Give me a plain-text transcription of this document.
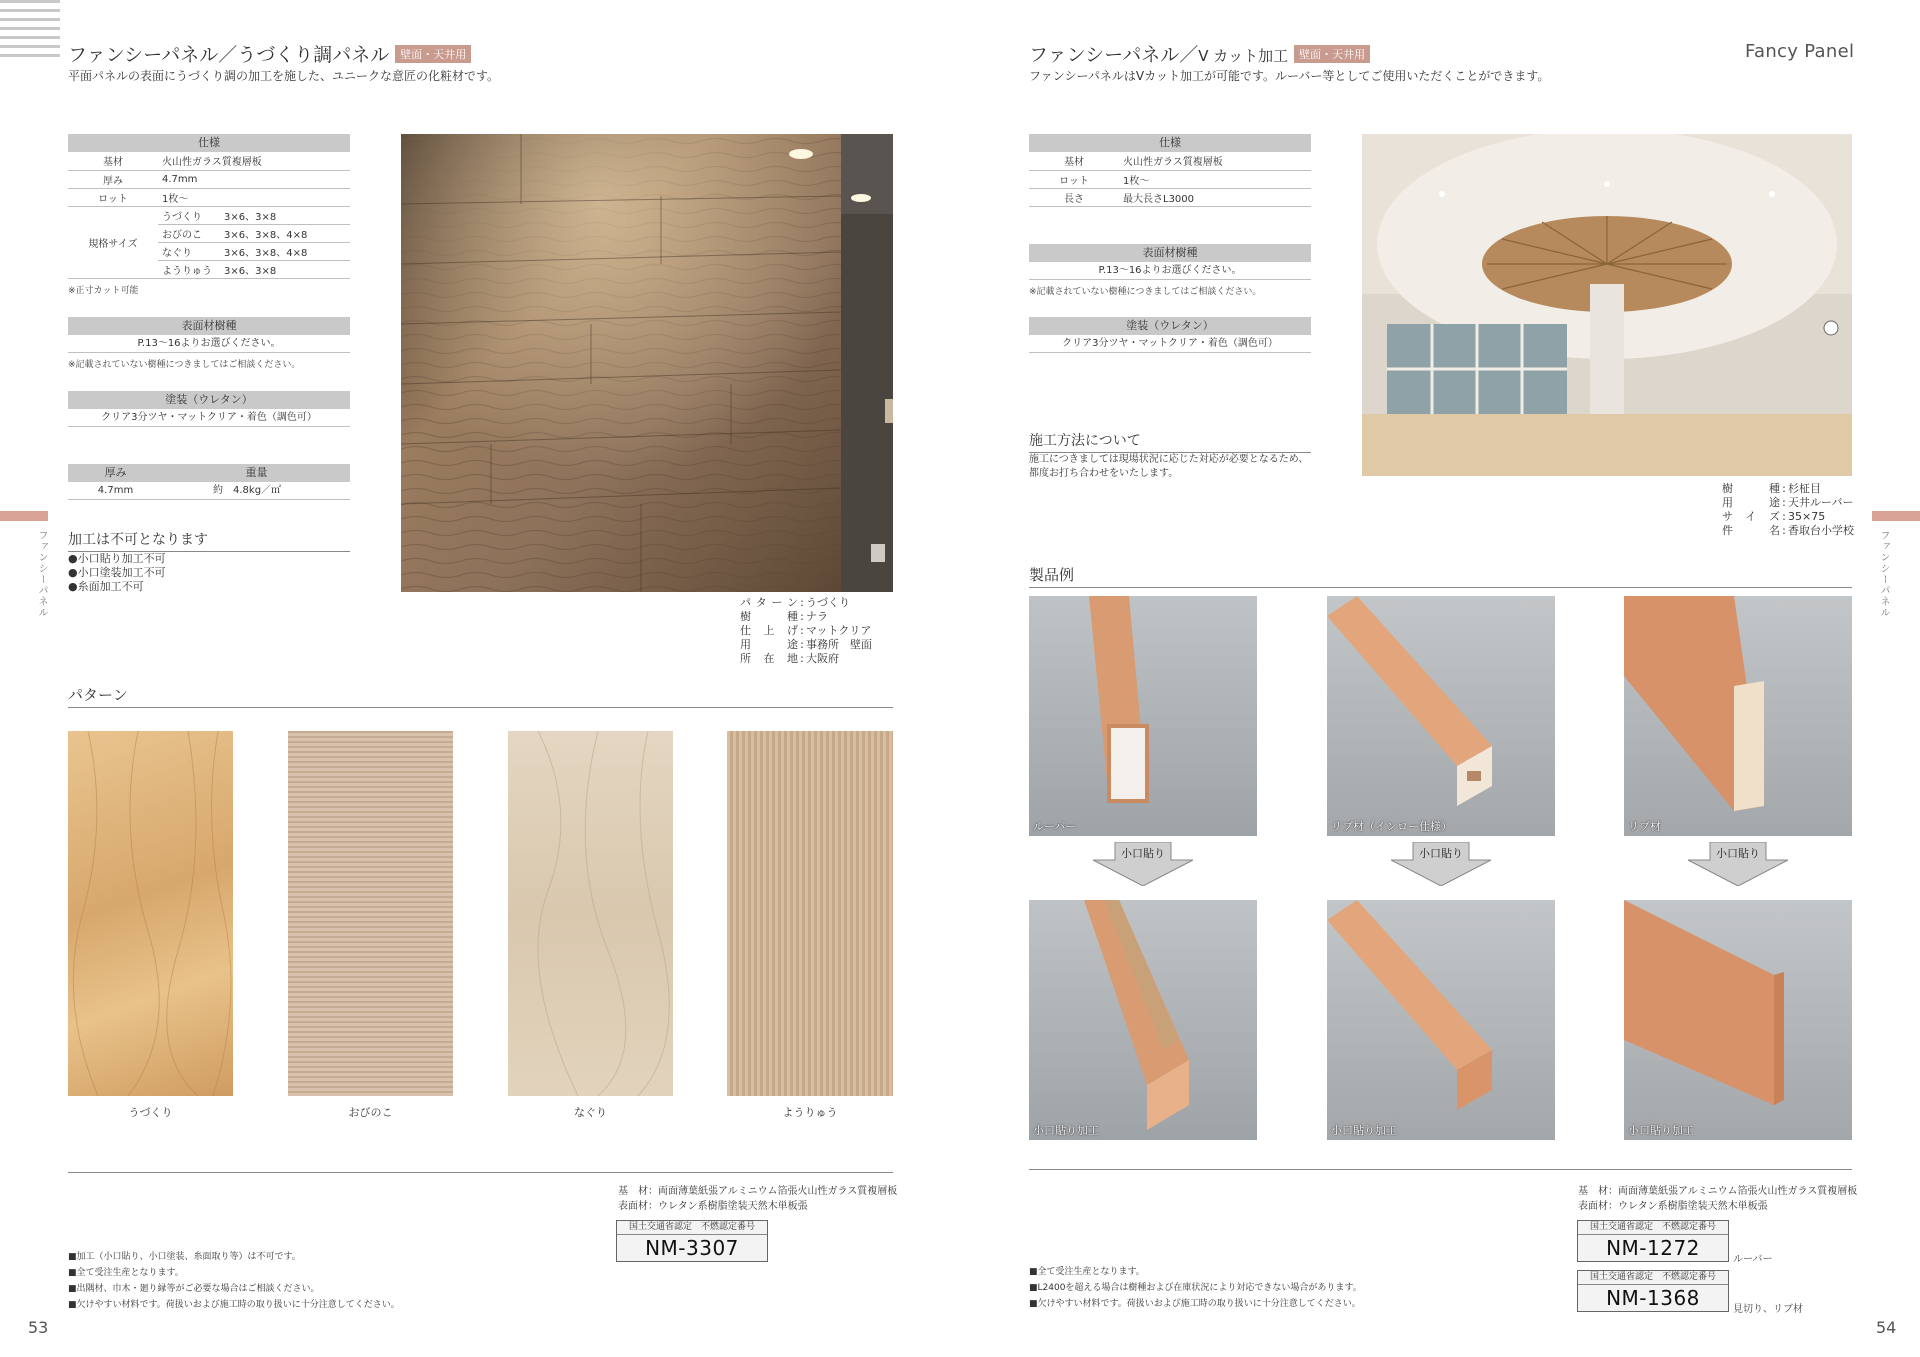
ファンシーパネル／うづくり調パネル 壁面・天井用
平面パネルの表面にうづくり調の加工を施した、ユニークな意匠の化粧材です。
仕様
基材	火山性ガラス質複層板
厚み	4.7mm
ロット	1枚～
規格サイズ
うづくり	3×6、3×8
おびのこ	3×6、3×8、4×8
なぐり	3×6、3×8、4×8
ようりゅう	3×6、3×8
※正寸カット可能
表面材樹種
P.13～16よりお選びください。
※記載されていない樹種につきましてはご相談ください。
塗装（ウレタン）
クリア3分ツヤ・マットクリア・着色（調色可）
厚み	重量
4.7mm	約	4.8kg／㎡
加工は不可となります
●小口貼り加工不可
●小口塗装加工不可
●糸面加工不可
パターン : うづくり
樹種 : ナラ
仕上げ : マットクリア
用途 : 事務所　壁面
所在地 : 大阪府
パターン
うづくり	おびのこ	なぐり	ようりゅう
基　材：両面薄葉紙張アルミニウム箔張火山性ガラス質複層板
表面材：ウレタン系樹脂塗装天然木単板張
国土交通省認定　不燃認定番号
NM-3307
■加工（小口貼り、小口塗装、糸面取り等）は不可です。
■全て受注生産となります。
■出隅材、巾木・廻り縁等がご必要な場合はご相談ください。
■欠けやすい材料です。荷扱いおよび施工時の取り扱いに十分注意してください。
53
ファンシーパネル
ファンシーパネル／V カット加工 壁面・天井用
ファンシーパネルはVカット加工が可能です。ルーバー等としてご使用いただくことができます。
Fancy Panel
仕様
基材	火山性ガラス質複層板
ロット	1枚～
長さ	最大長さL3000
表面材樹種
P.13～16よりお選びください。
※記載されていない樹種につきましてはご相談ください。
塗装（ウレタン）
クリア3分ツヤ・マットクリア・着色（調色可）
施工方法について
施工につきましては現場状況に応じた対応が必要となるため、
都度お打ち合わせをいたします。
樹種 : 杉柾目
用途 : 天井ルーバー
サイズ : 35×75
件名 : 香取台小学校
製品例
ルーバー	リブ材（インロー仕様）	リブ材
小口貼り	小口貼り	小口貼り
小口貼り加工	小口貼り加工	小口貼り加工
基　材：両面薄葉紙張アルミニウム箔張火山性ガラス質複層板
表面材：ウレタン系樹脂塗装天然木単板張
国土交通省認定　不燃認定番号
NM-1272	ルーバー
国土交通省認定　不燃認定番号
NM-1368	見切り、リブ材
■全て受注生産となります。
■L2400を超える場合は樹種および在庫状況により対応できない場合があります。
■欠けやすい材料です。荷扱いおよび施工時の取り扱いに十分注意してください。
54
ファンシーパネル
